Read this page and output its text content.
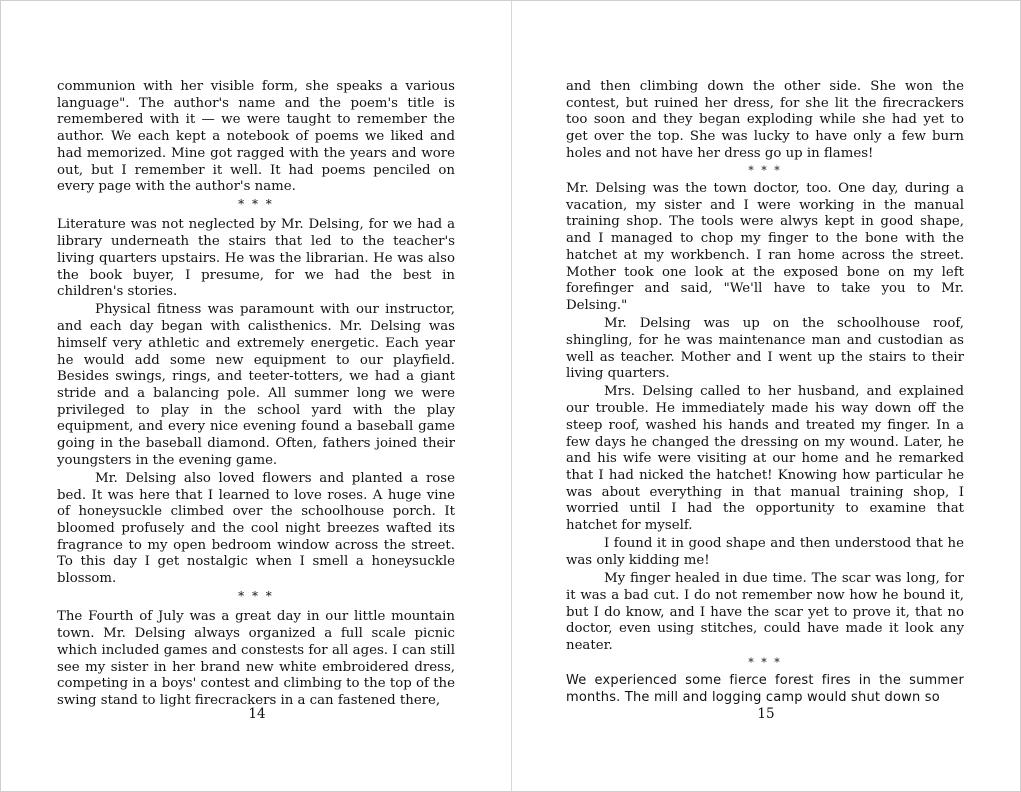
communion with her visible form, she speaks a various language". The author's name and the poem's title is remembered with it — we were taught to remember the author. We each kept a notebook of poems we liked and had memorized. Mine got ragged with the years and wore out, but I remember it well. It had poems penciled on every page with the author's name.

* * *

Literature was not neglected by Mr. Delsing, for we had a library underneath the stairs that led to the teacher's living quarters upstairs. He was the librarian. He was also the book buyer, I presume, for we had the best in children's stories.

Physical fitness was paramount with our instructor, and each day began with calisthenics. Mr. Delsing was himself very athletic and extremely energetic. Each year he would add some new equipment to our playfield. Besides swings, rings, and teeter-totters, we had a giant stride and a balancing pole. All summer long we were privileged to play in the school yard with the play equipment, and every nice evening found a baseball game going in the baseball diamond. Often, fathers joined their youngsters in the evening game.

Mr. Delsing also loved flowers and planted a rose bed. It was here that I learned to love roses. A huge vine of honeysuckle climbed over the schoolhouse porch. It bloomed profusely and the cool night breezes wafted its fragrance to my open bedroom window across the street. To this day I get nostalgic when I smell a honeysuckle blossom.

* * *

The Fourth of July was a great day in our little mountain town. Mr. Delsing always organized a full scale picnic which included games and constests for all ages. I can still see my sister in her brand new white embroidered dress, competing in a boys' contest and climbing to the top of the swing stand to light firecrackers in a can fastened there,

14

and then climbing down the other side. She won the contest, but ruined her dress, for she lit the firecrackers too soon and they began exploding while she had yet to get over the top. She was lucky to have only a few burn holes and not have her dress go up in flames!

* * *

Mr. Delsing was the town doctor, too. One day, during a vacation, my sister and I were working in the manual training shop. The tools were alwys kept in good shape, and I managed to chop my finger to the bone with the hatchet at my workbench. I ran home across the street. Mother took one look at the exposed bone on my left forefinger and said, "We'll have to take you to Mr. Delsing."

Mr. Delsing was up on the schoolhouse roof, shingling, for he was maintenance man and custodian as well as teacher. Mother and I went up the stairs to their living quarters.

Mrs. Delsing called to her husband, and explained our trouble. He immediately made his way down off the steep roof, washed his hands and treated my finger. In a few days he changed the dressing on my wound. Later, he and his wife were visiting at our home and he remarked that I had nicked the hatchet! Knowing how particular he was about everything in that manual training shop, I worried until I had the opportunity to examine that hatchet for myself.

I found it in good shape and then understood that he was only kidding me!

My finger healed in due time. The scar was long, for it was a bad cut. I do not remember now how he bound it, but I do know, and I have the scar yet to prove it, that no doctor, even using stitches, could have made it look any neater.

* * *

We experienced some fierce forest fires in the summer months. The mill and logging camp would shut down so

15
